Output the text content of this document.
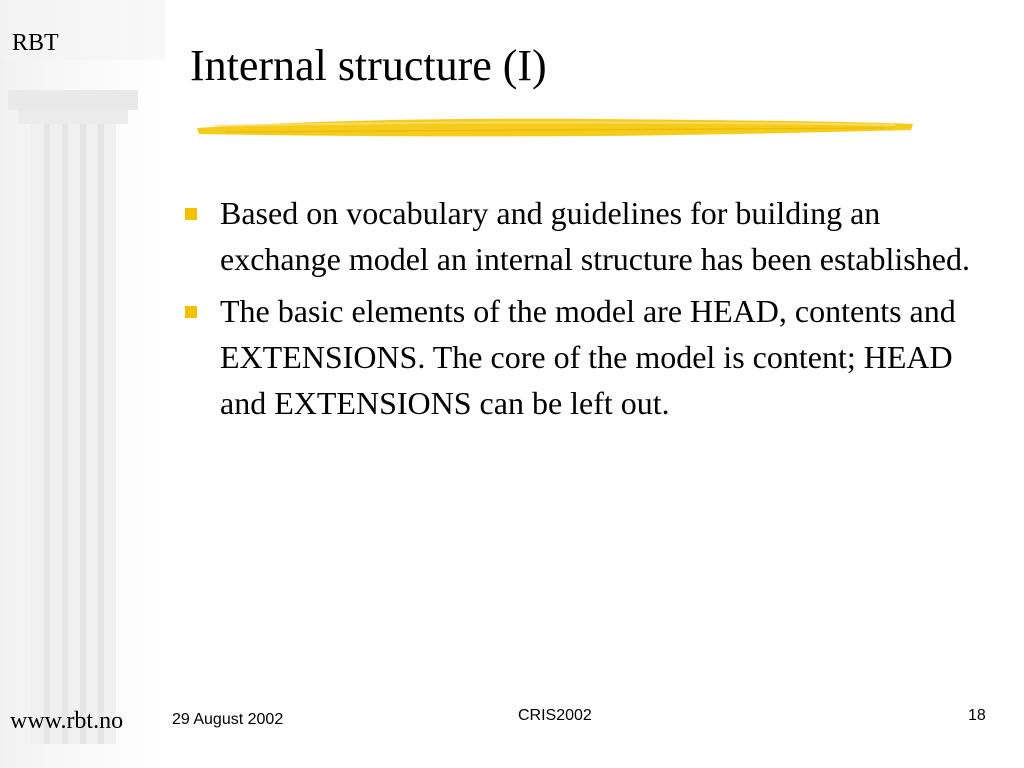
RBT	Internal structure (I)
Based on vocabulary and guidelines for building an exchange model an internal structure has been established.
The basic elements of the model are HEAD, contents and EXTENSIONS. The core of the model is content; HEAD and EXTENSIONS can be left out.
www.rbt.no	29 August 2002	CRIS2002	18
